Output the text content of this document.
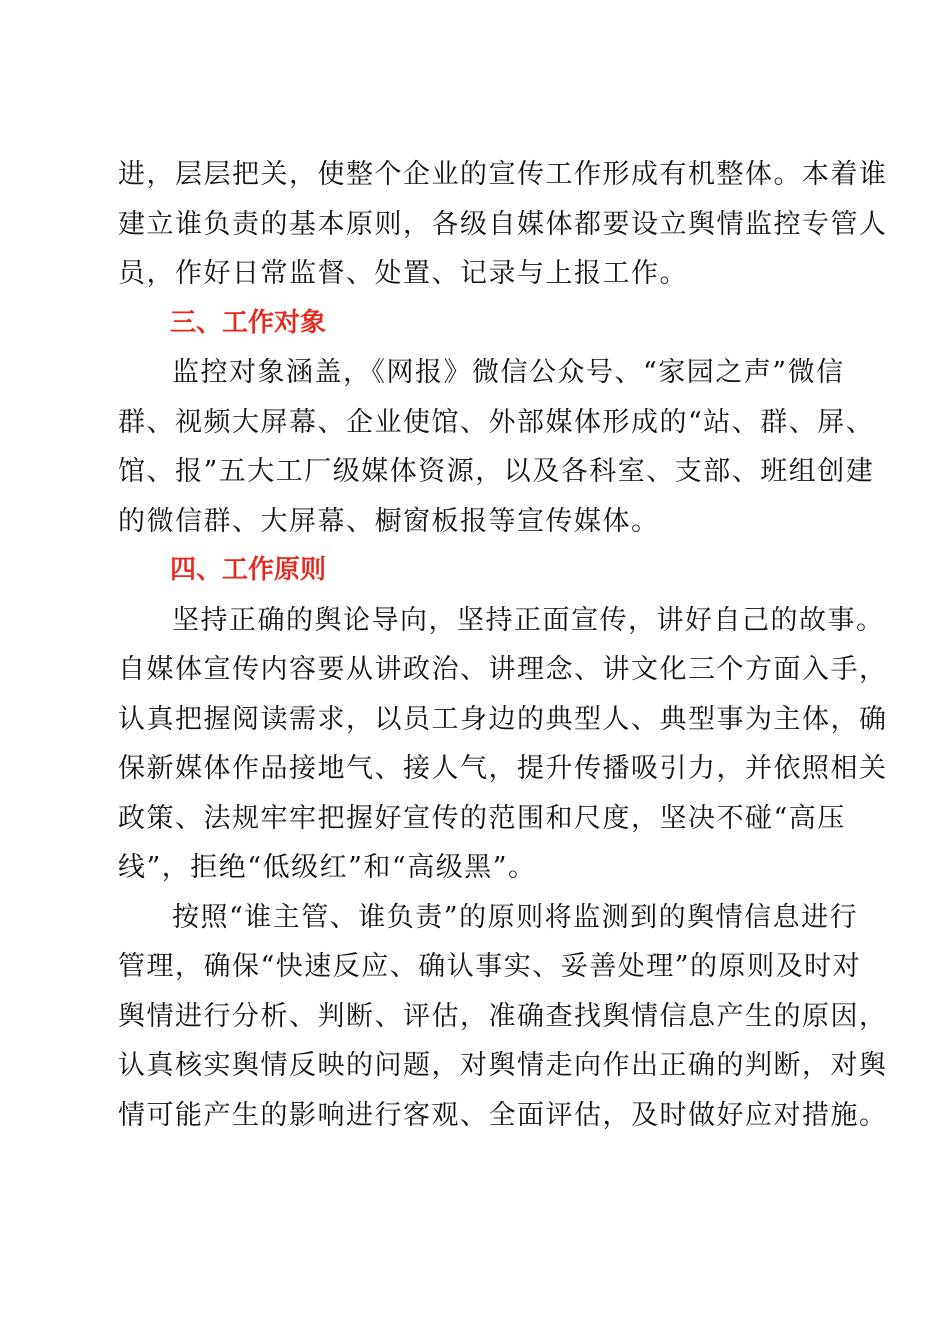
进，层层把关，使整个企业的宣传工作形成有机整体。本着谁
建立谁负责的基本原则，各级自媒体都要设立舆情监控专管人
员，作好日常监督、处置、记录与上报工作。

三、工作对象

监控对象涵盖，《网报》微信公众号、“家园之声”微信
群、视频大屏幕、企业使馆、外部媒体形成的“站、群、屏、
馆、报”五大工厂级媒体资源，以及各科室、支部、班组创建
的微信群、大屏幕、橱窗板报等宣传媒体。

四、工作原则

坚持正确的舆论导向，坚持正面宣传，讲好自己的故事。
自媒体宣传内容要从讲政治、讲理念、讲文化三个方面入手，
认真把握阅读需求，以员工身边的典型人、典型事为主体，确
保新媒体作品接地气、接人气，提升传播吸引力，并依照相关
政策、法规牢牢把握好宣传的范围和尺度，坚决不碰“高压
线”，拒绝“低级红”和“高级黑”。

按照“谁主管、谁负责”的原则将监测到的舆情信息进行
管理，确保“快速反应、确认事实、妥善处理”的原则及时对
舆情进行分析、判断、评估，准确查找舆情信息产生的原因，
认真核实舆情反映的问题，对舆情走向作出正确的判断，对舆
情可能产生的影响进行客观、全面评估，及时做好应对措施。
